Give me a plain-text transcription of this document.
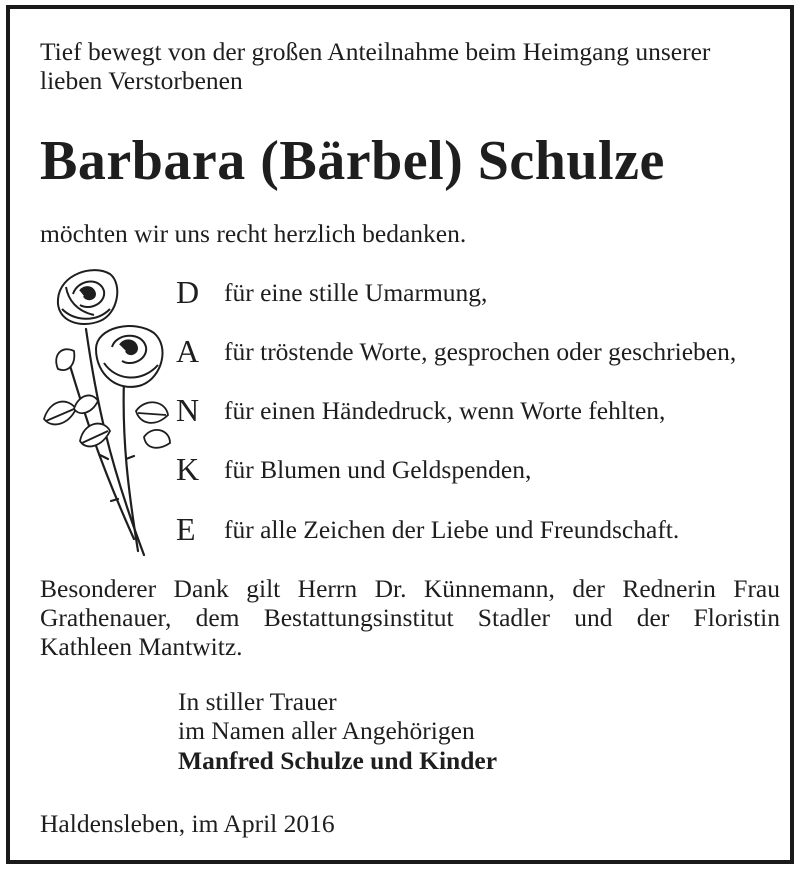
Tief bewegt von der großen Anteilnahme beim Heimgang unserer
lieben Verstorbenen
Barbara (Bärbel) Schulze
möchten wir uns recht herzlich bedanken.
D für eine stille Umarmung,
A für tröstende Worte, gesprochen oder geschrieben,
N für einen Händedruck, wenn Worte fehlten,
K für Blumen und Geldspenden,
E	für alle Zeichen der Liebe und Freundschaft.
Besonderer Dank gilt Herrn Dr. Künnemann, der Rednerin Frau
Grathenauer, dem Bestattungsinstitut Stadler und der Floristin
Kathleen Mantwitz.
In stiller Trauer
im Namen aller Angehörigen
Manfred Schulze und Kinder
Haldensleben, im April 2016
